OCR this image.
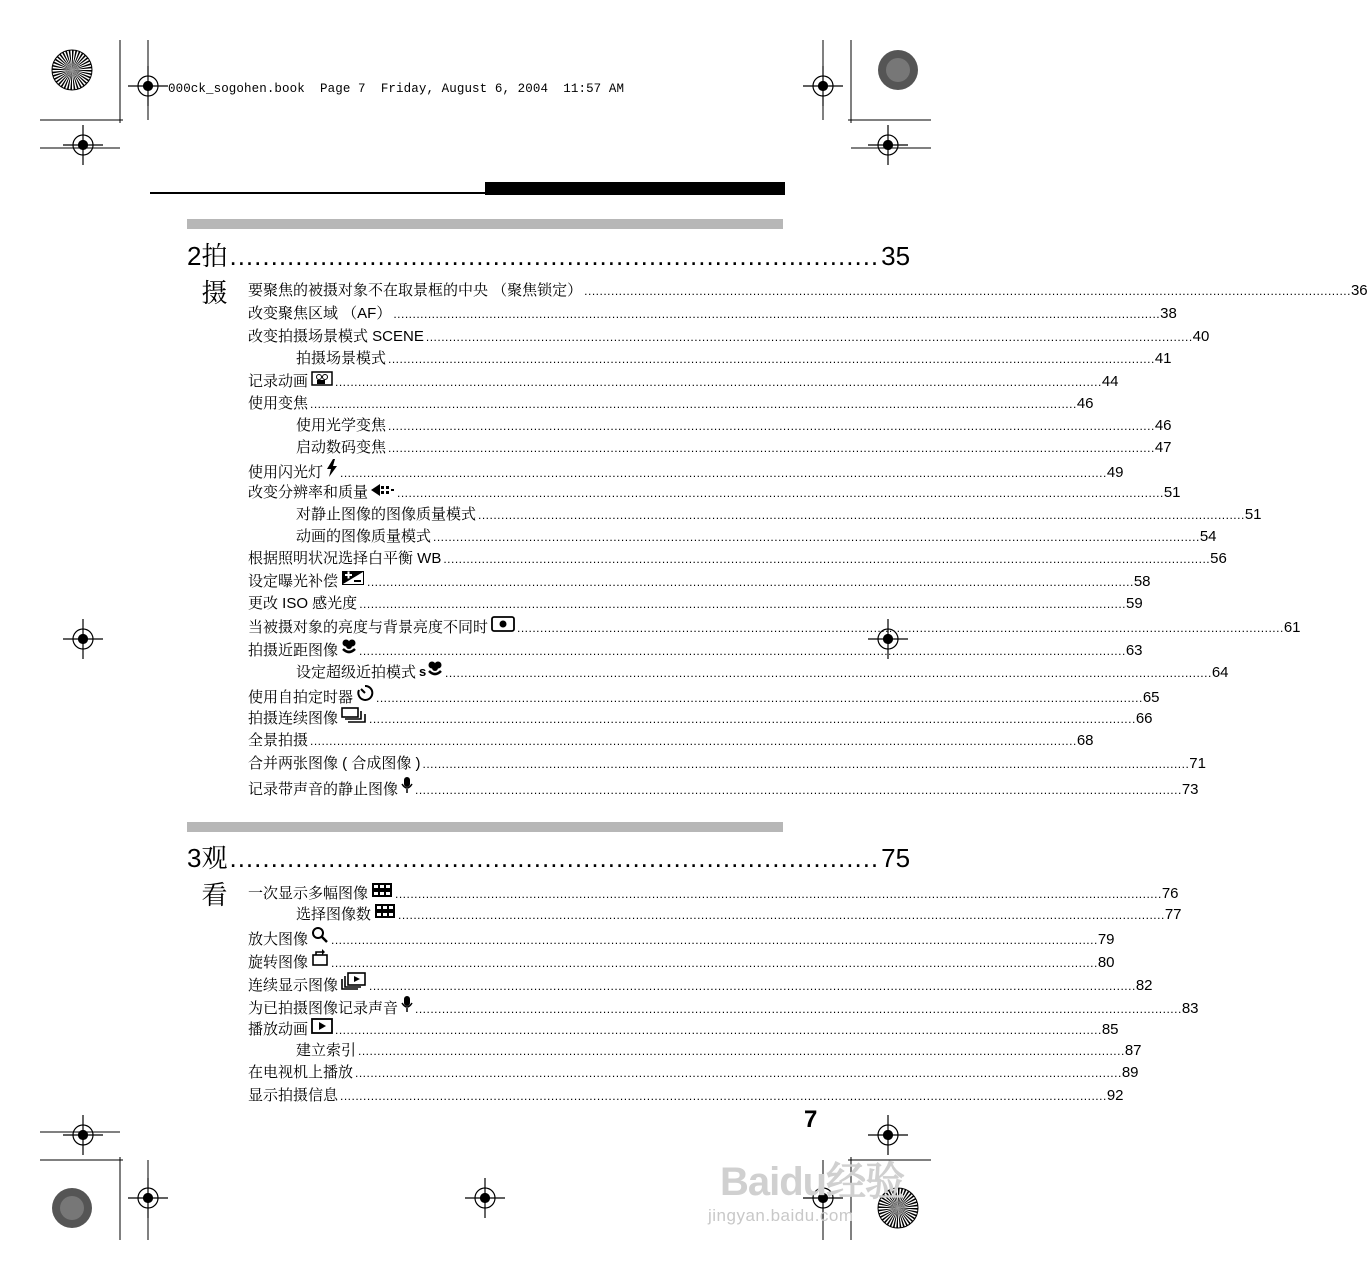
000ck_sogohen.book  Page 7  Friday, August 6, 2004  11:57 AM
2 拍摄
............................................................................... 35
要聚焦的被摄对象不在取景框的中央 （聚焦锁定） ........................................................................................................................................................................................................ 36
改变聚焦区域 （AF） ........................................................................................................................................................................................................ 38
改变拍摄场景模式 SCENE ........................................................................................................................................................................................................ 40
拍摄场景模式 ........................................................................................................................................................................................................ 41
记录动画 ........................................................................................................................................................................................................ 44
使用变焦 ........................................................................................................................................................................................................ 46
使用光学变焦 ........................................................................................................................................................................................................ 46
启动数码变焦 ........................................................................................................................................................................................................ 47
使用闪光灯 ........................................................................................................................................................................................................ 49
改变分辨率和质量 ........................................................................................................................................................................................................ 51
对静止图像的图像质量模式 ........................................................................................................................................................................................................ 51
动画的图像质量模式 ........................................................................................................................................................................................................ 54
根据照明状况选择白平衡 WB ........................................................................................................................................................................................................ 56
设定曝光补偿 ........................................................................................................................................................................................................ 58
更改 ISO 感光度 ........................................................................................................................................................................................................ 59
当被摄对象的亮度与背景亮度不同时 ........................................................................................................................................................................................................ 61
拍摄近距图像 ........................................................................................................................................................................................................ 63
设定超级近拍模式 s ........................................................................................................................................................................................................ 64
使用自拍定时器 ........................................................................................................................................................................................................ 65
拍摄连续图像	........................................................................................................................................................................................................ 66
全景拍摄 ........................................................................................................................................................................................................ 68
合并两张图像 ( 合成图像 ) ........................................................................................................................................................................................................ 71
记录带声音的静止图像 ........................................................................................................................................................................................................ 73
3 观看
............................................................................... 75
一次显示多幅图像 ........................................................................................................................................................................................................ 76
选择图像数 ........................................................................................................................................................................................................ 77
放大图像 ........................................................................................................................................................................................................ 79
旋转图像 ........................................................................................................................................................................................................ 80
连续显示图像	........................................................................................................................................................................................................ 82
为已拍摄图像记录声音 ........................................................................................................................................................................................................ 83
播放动画 ........................................................................................................................................................................................................ 85
建立索引 ........................................................................................................................................................................................................ 87
在电视机上播放 ........................................................................................................................................................................................................ 89
显示拍摄信息 ........................................................................................................................................................................................................ 92
7
Baidu经验
jingyan.baidu.com
